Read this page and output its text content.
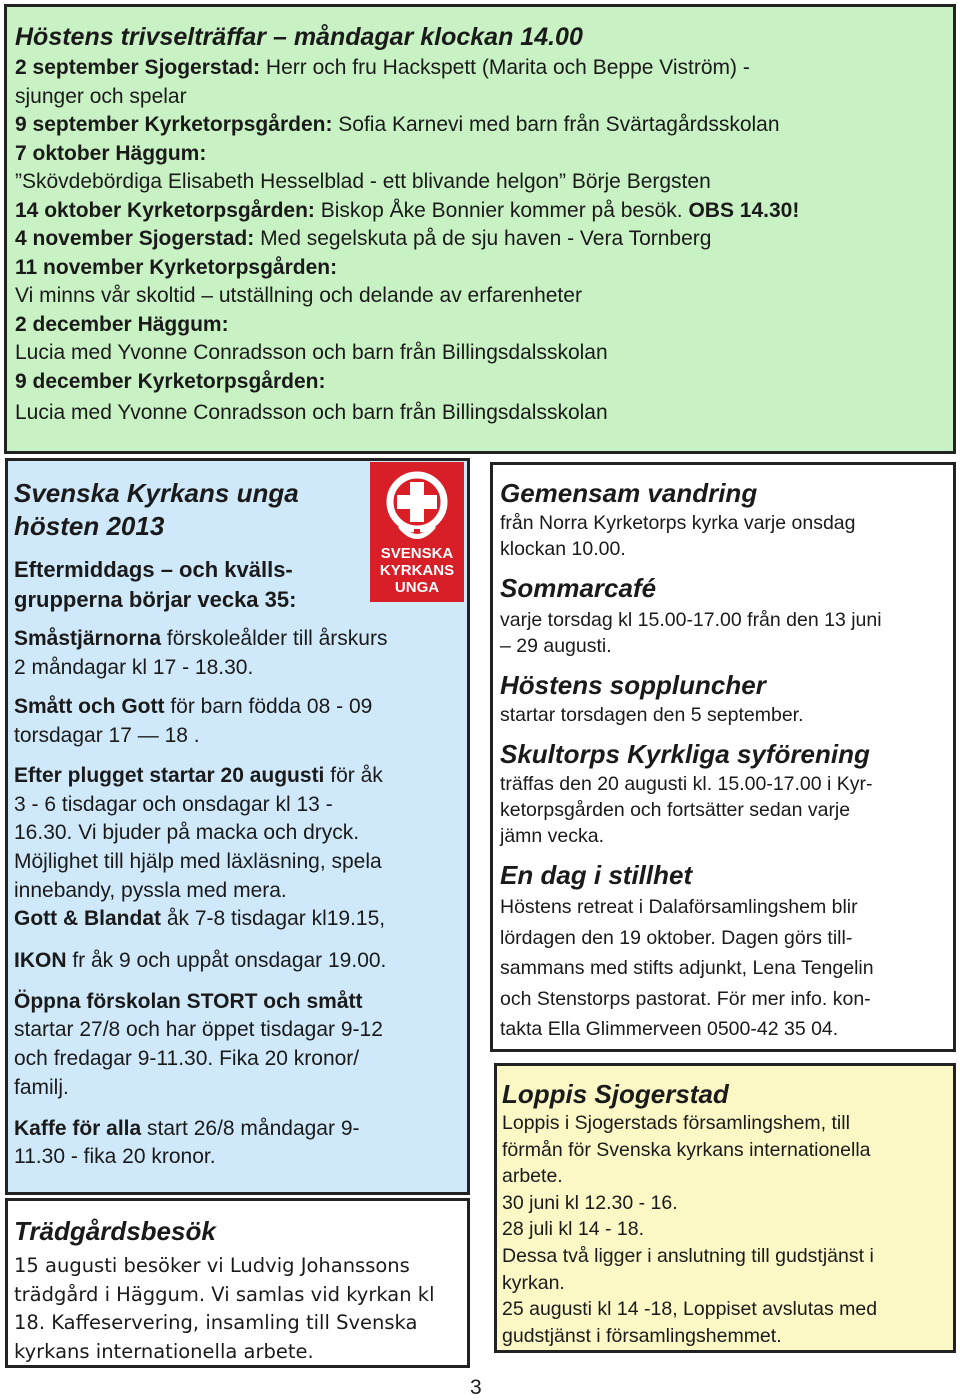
Höstens trivselträffar – måndagar klockan 14.00
2 september Sjogerstad: Herr och fru Hackspett (Marita och Beppe Viström) -
sjunger och spelar
9 september Kyrketorpsgården: Sofia Karnevi med barn från Svärtagårdsskolan
7 oktober Häggum:
”Skövdebördiga Elisabeth Hesselblad - ett blivande helgon” Börje Bergsten
14 oktober Kyrketorpsgården: Biskop Åke Bonnier kommer på besök. OBS 14.30!
4 november Sjogerstad: Med segelskuta på de sju haven - Vera Tornberg
11 november Kyrketorpsgården:
Vi minns vår skoltid – utställning och delande av erfarenheter
2 december Häggum:
Lucia med Yvonne Conradsson och barn från Billingsdalsskolan
9 december Kyrketorpsgården:
Lucia med Yvonne Conradsson och barn från Billingsdalsskolan
Svenska Kyrkans unga
hösten 2013
Eftermiddags – och kvälls-
grupperna börjar vecka 35:
Småstjärnorna förskoleålder till årskurs
2 måndagar kl 17 - 18.30.
Smått och Gott för barn födda 08 - 09
torsdagar 17 — 18 .
Efter plugget startar 20 augusti för åk
3 - 6 tisdagar och onsdagar kl 13 -
16.30. Vi bjuder på macka och dryck.
Möjlighet till hjälp med läxläsning, spela
innebandy, pyssla med mera.
Gott & Blandat åk 7-8 tisdagar kl19.15,
IKON fr åk 9 och uppåt onsdagar 19.00.
Öppna förskolan STORT och smått
startar 27/8 och har öppet tisdagar 9-12
och fredagar 9-11.30. Fika 20 kronor/
familj.
Kaffe för alla start 26/8 måndagar 9-
11.30 - fika 20 kronor.
SVENSKA
KYRKANS
UNGA
Trädgårdsbesök
15 augusti besöker vi Ludvig Johanssons
trädgård i Häggum. Vi samlas vid kyrkan kl
18. Kaffeservering, insamling till Svenska
kyrkans internationella arbete.
Gemensam vandring
från Norra Kyrketorps kyrka varje onsdag
klockan 10.00.
Sommarcafé
varje torsdag kl 15.00-17.00 från den 13 juni
– 29 augusti.
Höstens soppluncher
startar torsdagen den 5 september.
Skultorps Kyrkliga syförening
träffas den 20 augusti kl. 15.00-17.00 i Kyr-
ketorpsgården och fortsätter sedan varje
jämn vecka.
En dag i stillhet
Höstens retreat i Dalaförsamlingshem blir
lördagen den 19 oktober. Dagen görs till-
sammans med stifts adjunkt, Lena Tengelin
och Stenstorps pastorat. För mer info. kon-
takta Ella Glimmerveen 0500-42 35 04.
Loppis Sjogerstad
Loppis i Sjogerstads församlingshem, till
förmån för Svenska kyrkans internationella
arbete.
30 juni kl 12.30 - 16.
28 juli kl 14 - 18.
Dessa två ligger i anslutning till gudstjänst i
kyrkan.
25 augusti kl 14 -18, Loppiset avslutas med
gudstjänst i församlingshemmet.
3
